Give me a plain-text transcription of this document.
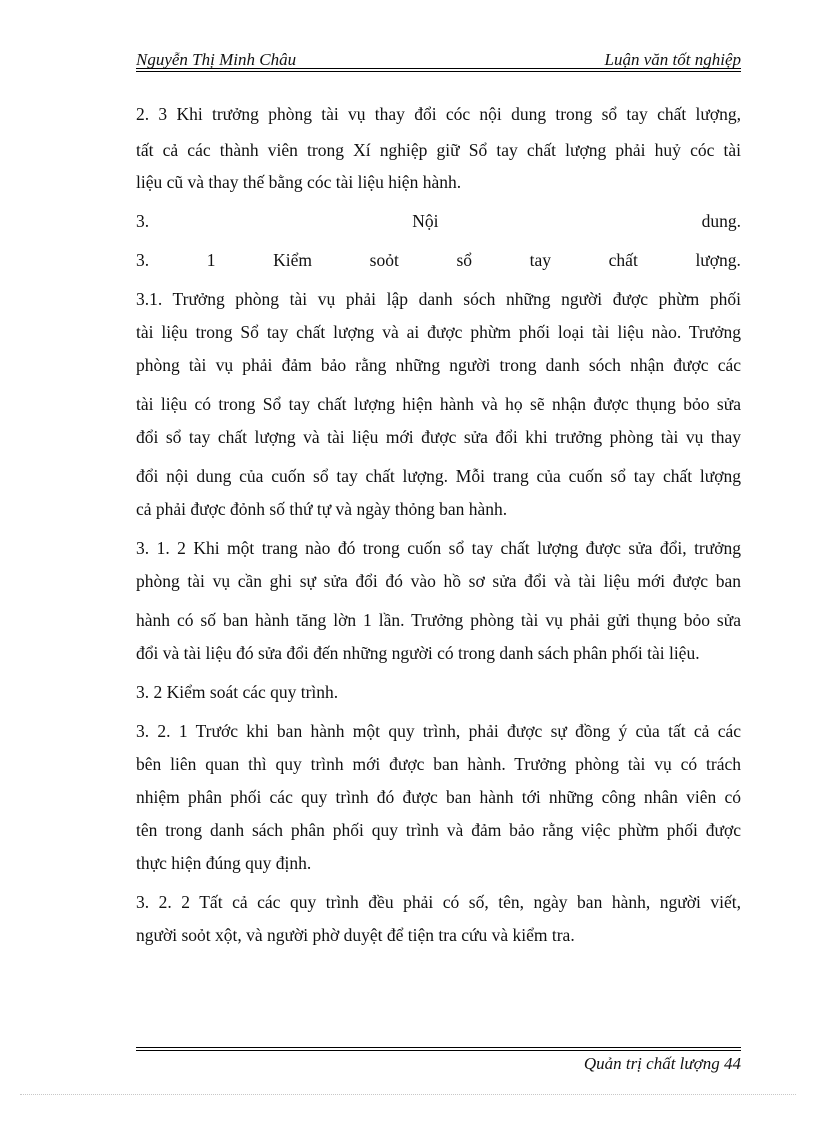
Nguyễn Thị Minh Châu	Luận văn tốt nghiệp
2. 3 Khi trưởng phòng tài vụ thay đổi cóc nội dung trong sổ tay chất lượng,
tất cả các thành viên trong Xí nghiệp giữ Sổ tay chất lượng phải huỷ cóc tài
liệu cũ và thay thế bằng cóc tài liệu hiện hành.
3.	Nội	dung.
3.	1	Kiểm	soỏt	sổ	tay	chất	lượng.
3.1. Trưởng phòng tài vụ phải lập danh sóch những người được phừm phối
tài liệu trong Sổ tay chất lượng và ai được phừm phối loại tài liệu nào. Trưởng
phòng tài vụ phải đảm bảo rằng những người trong danh sóch nhận được các
tài liệu có trong Sổ tay chất lượng hiện hành và họ sẽ nhận được thụng bỏo sửa
đổi sổ tay chất lượng và tài liệu mới được sửa đổi khi trưởng phòng tài vụ thay
đổi nội dung của cuốn sổ tay chất lượng. Mỗi trang của cuốn sổ tay chất lượng
cả phải được đỏnh số thứ tự và ngày thỏng ban hành.
3. 1. 2 Khi một trang nào đó trong cuốn sổ tay chất lượng được sửa đổi, trưởng
phòng tài vụ cần ghi sự sửa đổi đó vào hồ sơ sửa đổi và tài liệu mới được ban
hành có số ban hành tăng lờn 1 lần. Trưởng phòng tài vụ phải gửi thụng bỏo sửa
đổi và tài liệu đó sửa đổi đến những người có trong danh sách phân phối tài liệu.
3. 2 Kiểm soát các quy trình.
3. 2. 1 Trước khi ban hành một quy trình, phải được sự đồng ý của tất cả các
bên liên quan thì quy trình mới được ban hành. Trưởng phòng tài vụ có trách
nhiệm phân phối các quy trình đó được ban hành tới những công nhân viên có
tên trong danh sách phân phối quy trình và đảm bảo rằng việc phừm phối được
thực hiện đúng quy định.
3. 2. 2 Tất cả các quy trình đều phải có số, tên, ngày ban hành, người viết,
người soỏt xột, và người phờ duyệt để tiện tra cứu và kiểm tra.
Quản trị chất lượng 44
